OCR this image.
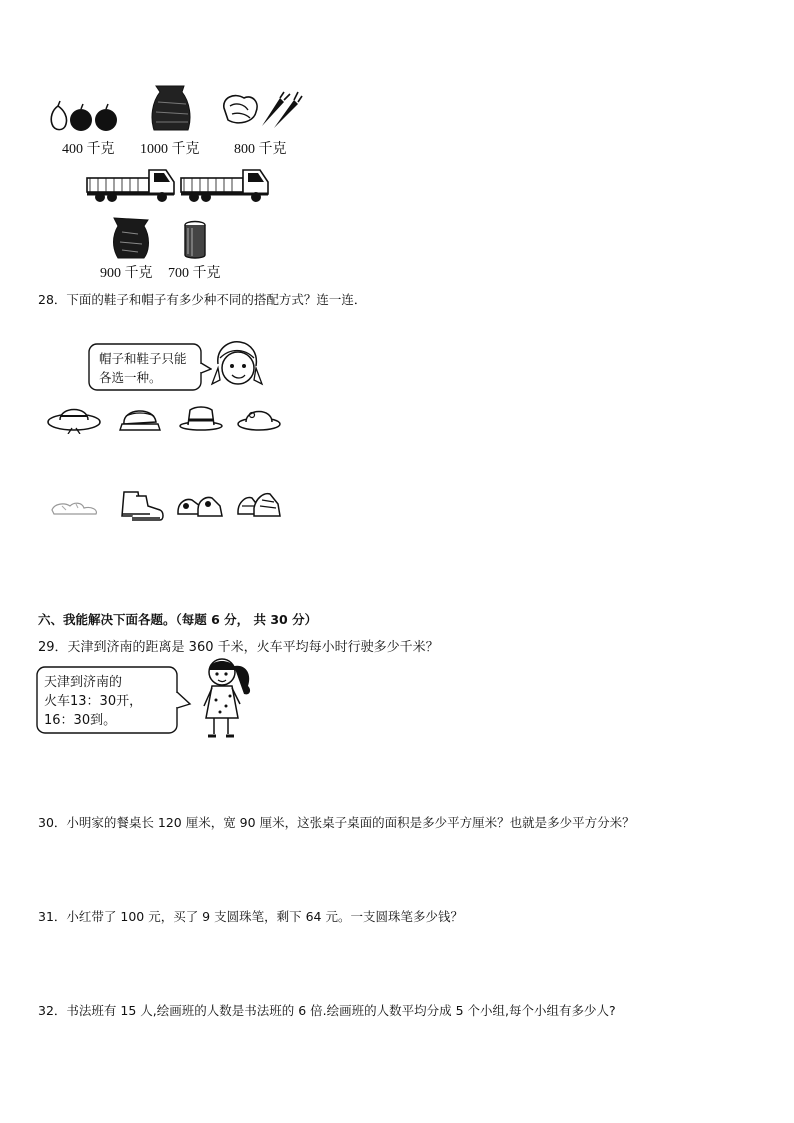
400 千克 1000 千克 800 千克
900 千克 700 千克
28．下面的鞋子和帽子有多少种不同的搭配方式？连一连．
帽子和鞋子只能
各选一种。
六、我能解决下面各题。（每题 6 分， 共 30 分）
29．天津到济南的距离是 360 千米，火车平均每小时行驶多少千米？
天津到济南的
火车13：30开，
16：30到。
30．小明家的餐桌长 120 厘米，宽 90 厘米，这张桌子桌面的面积是多少平方厘米？也就是多少平方分米？
31．小红带了 100 元，买了 9 支圆珠笔，剩下 64 元。一支圆珠笔多少钱？
32．书法班有 15 人,绘画班的人数是书法班的 6 倍.绘画班的人数平均分成 5 个小组,每个小组有多少人?
